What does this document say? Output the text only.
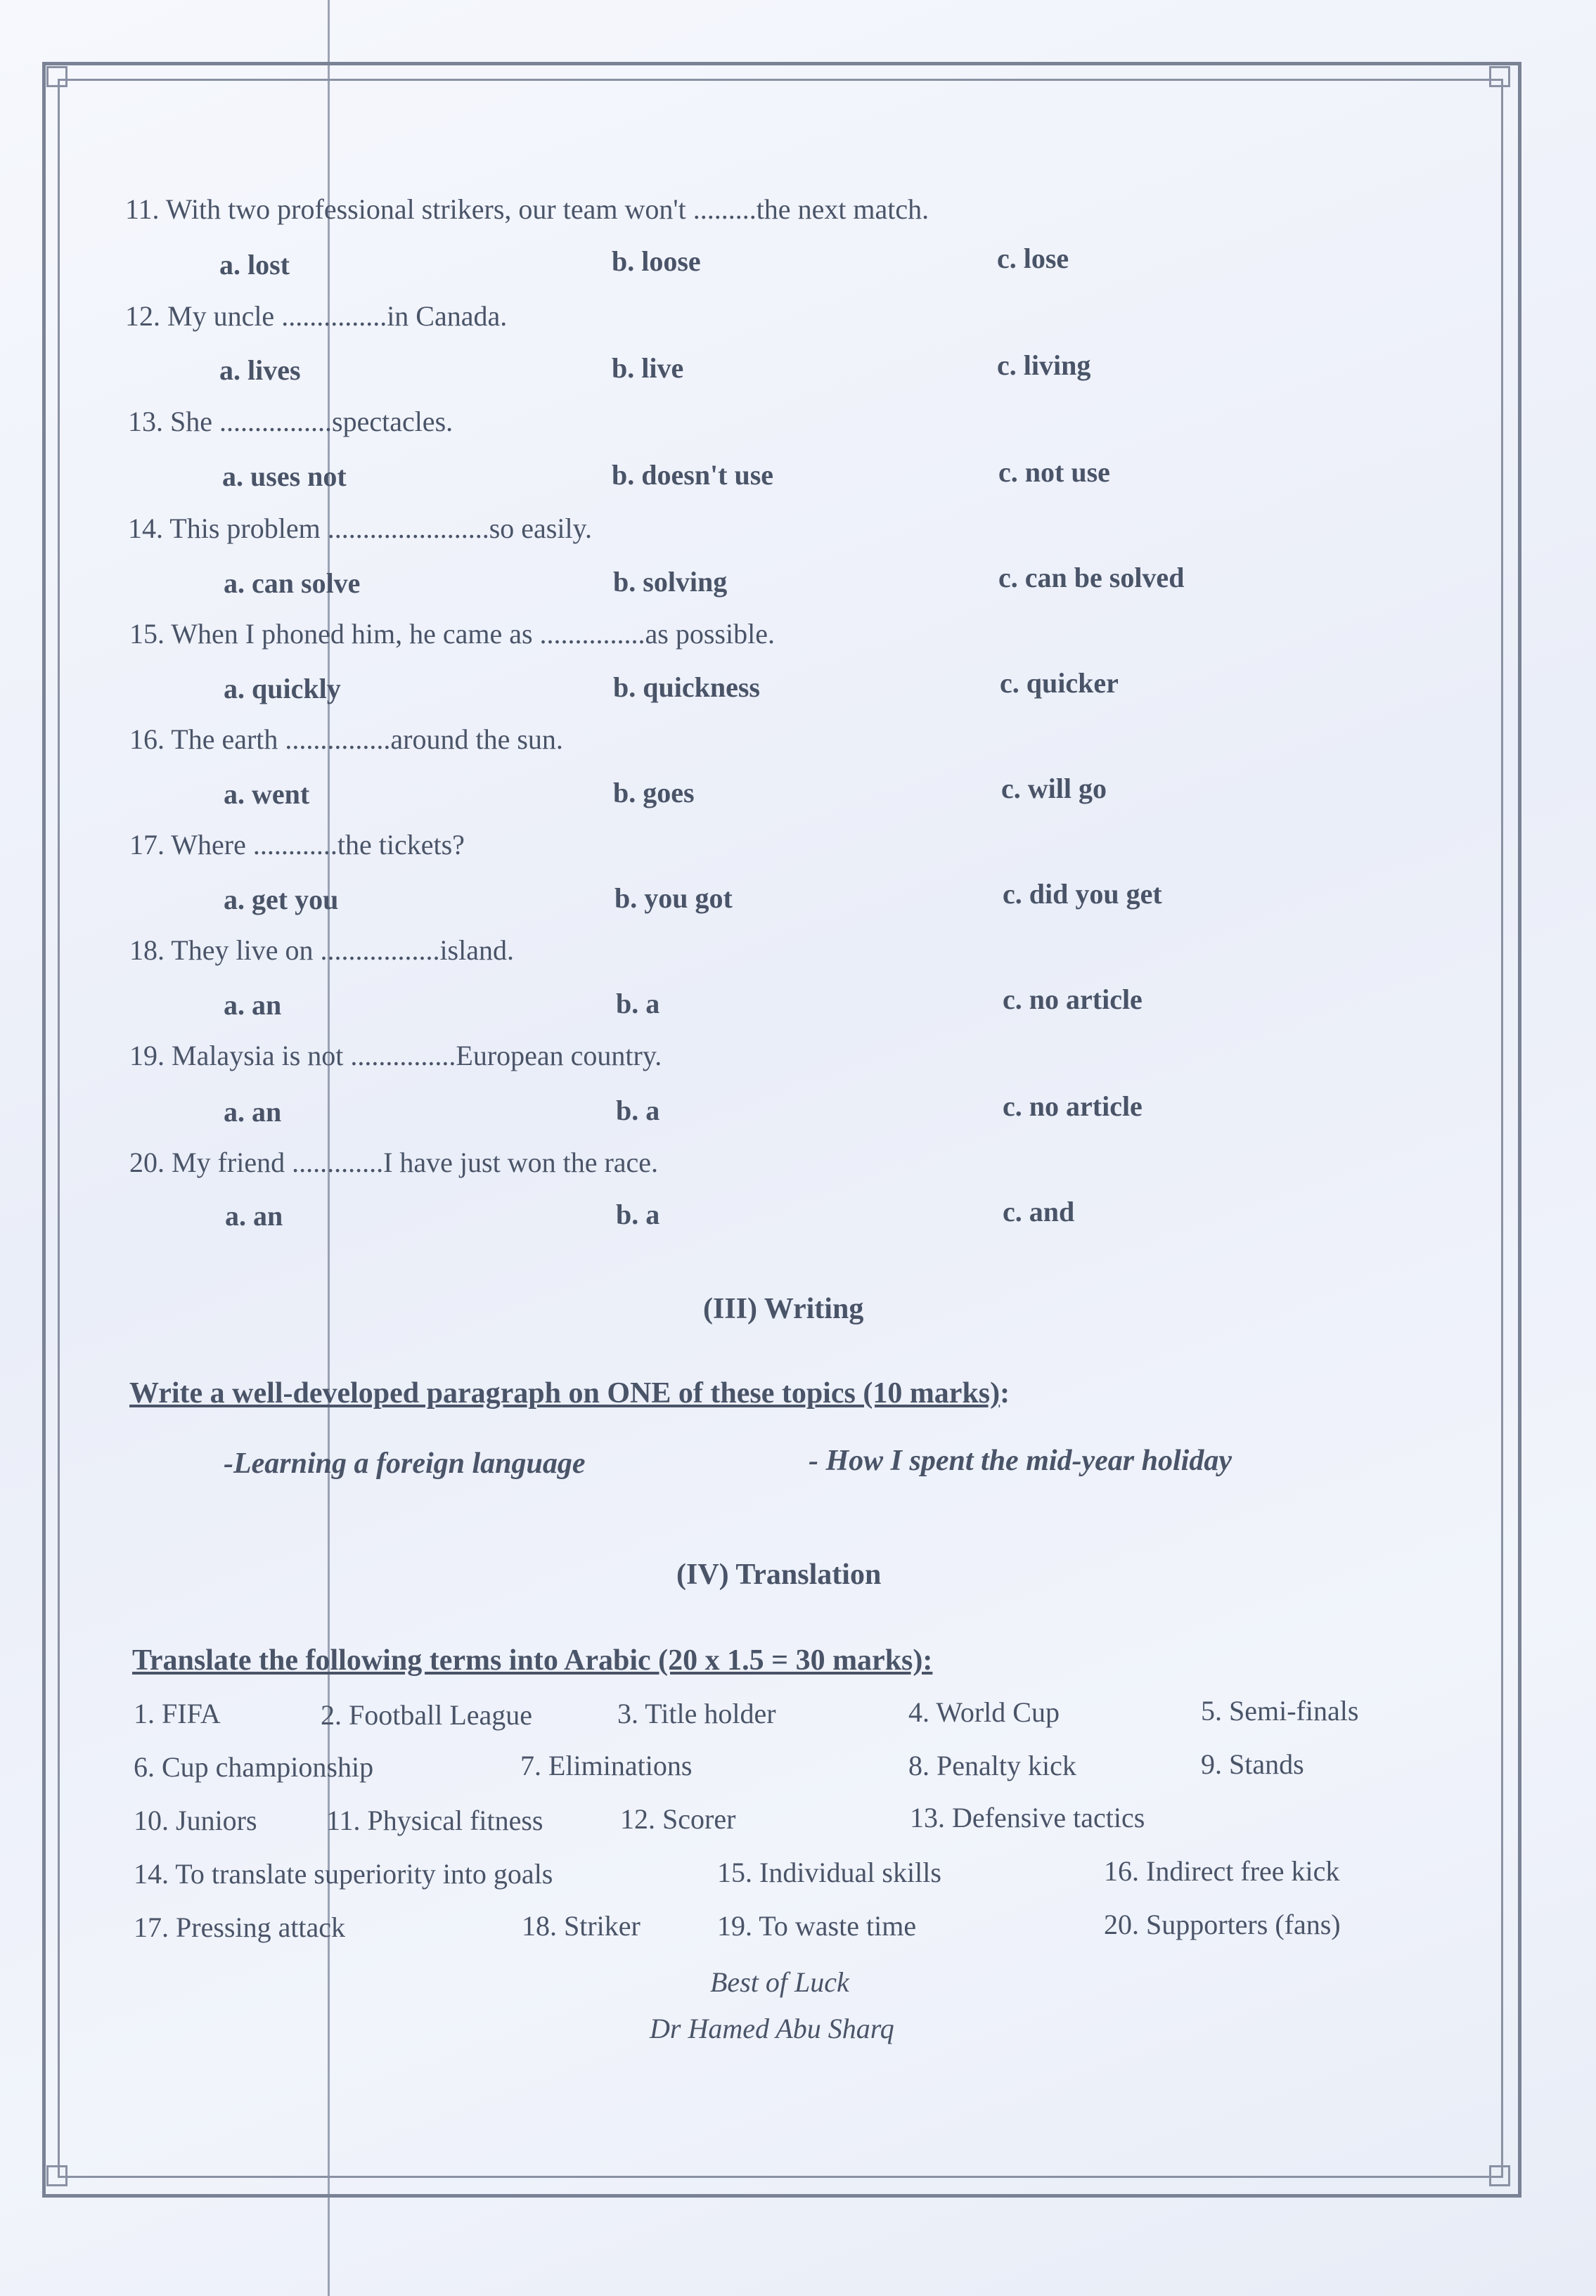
11. With two professional strikers, our team won't .........the next match.
a. lost	b. loose	c. lose
12. My uncle ...............in Canada.
a. lives	b. live	c. living
13. She ................spectacles.
a. uses not	b. doesn't use	c. not use
14. This problem .......................so easily.
a. can solve	b. solving	c. can be solved
15. When I phoned him, he came as ...............as possible.
a. quickly	b. quickness	c. quicker
16. The earth ...............around the sun.
a. went	b. goes	c. will go
17. Where ............the tickets?
a. get you	b. you got	c. did you get
18. They live on .................island.
a. an	b. a	c. no article
19. Malaysia is not ...............European country.
a. an	b. a	c. no article
20. My friend .............I have just won the race.
a. an	b. a	c. and
(III) Writing
Write a well-developed paragraph on ONE of these topics (10 marks):
-Learning a foreign language	- How I spent the mid-year holiday
(IV) Translation
Translate the following terms into Arabic (20 x 1.5 = 30 marks):
1. FIFA	2. Football League	3. Title holder	4. World Cup	5. Semi-finals
6. Cup championship	7. Eliminations	8. Penalty kick	9. Stands
10. Juniors 11. Physical fitness	12. Scorer	13. Defensive tactics
14. To translate superiority into goals	15. Individual skills	16. Indirect free kick
17. Pressing attack	18. Striker	19. To waste time	20. Supporters (fans)
Best of Luck
Dr Hamed Abu Sharq
